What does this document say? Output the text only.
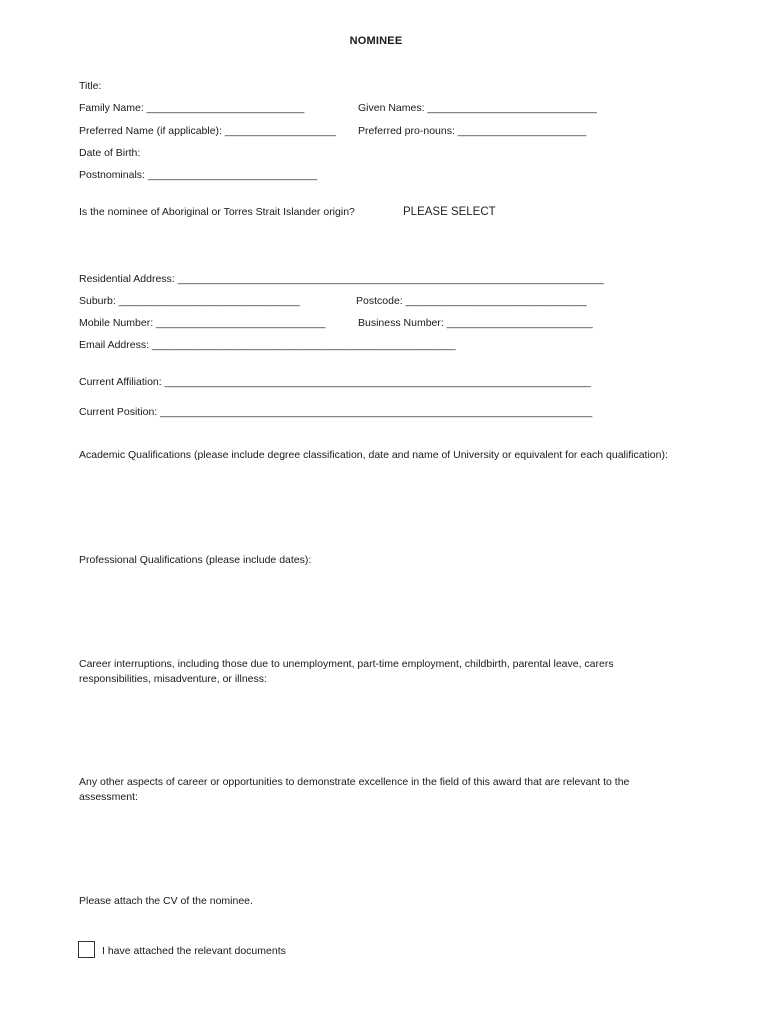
NOMINEE
Title:
Family Name: ___________________________	Given Names: _____________________________
Preferred Name (if applicable): ___________________ Preferred pro-nouns: ______________________
Date of Birth:
Postnominals: _____________________________
Is the nominee of Aboriginal or Torres Strait Islander origin?	PLEASE SELECT
Residential Address: _________________________________________________________________________
Suburb: _______________________________	Postcode: _______________________________
Mobile Number: _____________________________	Business Number: _________________________
Email Address: ____________________________________________________
Current Affiliation: _________________________________________________________________________
Current Position: __________________________________________________________________________
Academic Qualifications (please include degree classification, date and name of University or equivalent for each qualification):
Professional Qualifications (please include dates):
Career interruptions, including those due to unemployment, part-time employment, childbirth, parental leave, carers responsibilities, misadventure, or illness:
Any other aspects of career or opportunities to demonstrate excellence in the field of this award that are relevant to the assessment:
Please attach the CV of the nominee.
I have attached the relevant documents
